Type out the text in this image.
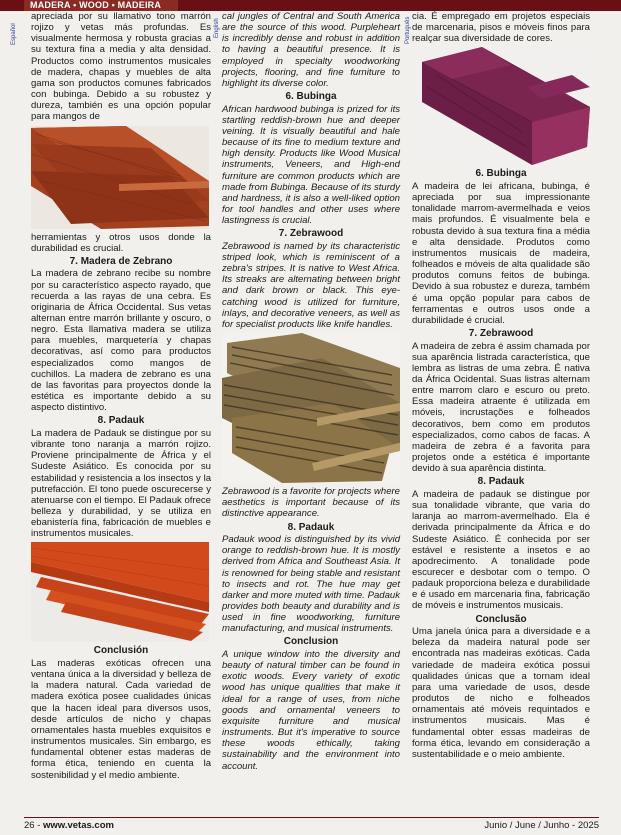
MADERA • WOOD • MADEIRA
Español	English	Português

apreciada por su llamativo tono marrón rojizo y vetas más profundas. Es visualmente hermosa y robusta gracias a su textura fina a media y alta densidad. Productos como instrumentos musicales de madera, chapas y muebles de alta gama son productos comunes fabricados con bubinga. Debido a su robustez y dureza, también es una opción popular para mangos de

herramientas y otros usos donde la durabilidad es crucial.

7. Madera de Zebrano

La madera de zebrano recibe su nombre por su característico aspecto rayado, que recuerda a las rayas de una cebra. Es originaria de África Occidental. Sus vetas alternan entre marrón brillante y oscuro, o negro. Esta llamativa madera se utiliza para muebles, marquetería y chapas decorativas, así como para productos especializados como mangos de cuchillos. La madera de zebrano es una de las favoritas para proyectos donde la estética es importante debido a su aspecto distintivo.

8. Padauk

La madera de Padauk se distingue por su vibrante tono naranja a marrón rojizo. Proviene principalmente de África y el Sudeste Asiático. Es conocida por su estabilidad y resistencia a los insectos y la putrefacción. El tono puede oscurecerse y atenuarse con el tiempo. El Padauk ofrece belleza y durabilidad, y se utiliza en ebanistería fina, fabricación de muebles e instrumentos musicales.

Conclusión

Las maderas exóticas ofrecen una ventana única a la diversidad y belleza de la madera natural. Cada variedad de madera exótica posee cualidades únicas que la hacen ideal para diversos usos, desde artículos de nicho y chapas ornamentales hasta muebles exquisitos e instrumentos musicales. Sin embargo, es fundamental obtener estas maderas de forma ética, teniendo en cuenta la sostenibilidad y el medio ambiente.

cal jungles of Central and South America are the source of this wood. Purpleheart is incredibly dense and robust in addition to having a beautiful presence. It is employed in specialty woodworking projects, flooring, and fine furniture to highlight its diverse color.

6. Bubinga

African hardwood bubinga is prized for its startling reddish-brown hue and deeper veining. It is visually beautiful and hale because of its fine to medium texture and high density. Products like Wood Musical instruments, Veneers, and High-end furniture are common products which are made from Bubinga. Because of its sturdy and hardness, it is also a well-liked option for tool handles and other uses where lastingness is crucial.

7. Zebrawood

Zebrawood is named by its characteristic striped look, which is reminiscent of a zebra's stripes. It is native to West Africa. Its streaks are alternating between bright and dark brown or black. This eye-catching wood is utilized for furniture, inlays, and decorative veneers, as well as for specialist products like knife handles.

Zebrawood is a favorite for projects where aesthetics is important because of its distinctive appearance.

8. Padauk

Padauk wood is distinguished by its vivid orange to reddish-brown hue. It is mostly derived from Africa and Southeast Asia. It is renowned for being stable and resistant to insects and rot. The hue may get darker and more muted with time. Padauk provides both beauty and durability and is used in fine woodworking, furniture manufacturing, and musical instruments.

Conclusion

A unique window into the diversity and beauty of natural timber can be found in exotic woods. Every variety of exotic wood has unique qualities that make it ideal for a range of uses, from niche goods and ornamental veneers to exquisite furniture and musical instruments. But it's imperative to source these woods ethically, taking sustainability and the environment into account.

cia. É empregado em projetos especiais de marcenaria, pisos e móveis finos para realçar sua diversidade de cores.

6. Bubinga

A madeira de lei africana, bubinga, é apreciada por sua impressionante tonalidade marrom-avermelhada e veios mais profundos. É visualmente bela e robusta devido à sua textura fina a média e alta densidade. Produtos como instrumentos musicais de madeira, folheados e móveis de alta qualidade são produtos comuns feitos de bubinga. Devido à sua robustez e dureza, também é uma opção popular para cabos de ferramentas e outros usos onde a durabilidade é crucial.

7. Zebrawood

A madeira de zebra é assim chamada por sua aparência listrada característica, que lembra as listras de uma zebra. É nativa da África Ocidental. Suas listras alternam entre marrom claro e escuro ou preto. Essa madeira atraente é utilizada em móveis, incrustações e folheados decorativos, bem como em produtos especializados, como cabos de facas. A madeira de zebra é a favorita para projetos onde a estética é importante devido à sua aparência distinta.

8. Padauk

A madeira de padauk se distingue por sua tonalidade vibrante, que varia do laranja ao marrom-avermelhado. Ela é derivada principalmente da África e do Sudeste Asiático. É conhecida por ser estável e resistente a insetos e ao apodrecimento. A tonalidade pode escurecer e desbotar com o tempo. O padauk proporciona beleza e durabilidade e é usado em marcenaria fina, fabricação de móveis e instrumentos musicais.

Conclusão

Uma janela única para a diversidade e a beleza da madeira natural pode ser encontrada nas madeiras exóticas. Cada variedade de madeira exótica possui qualidades únicas que a tornam ideal para uma variedade de usos, desde produtos de nicho e folheados ornamentais até móveis requintados e instrumentos musicais. Mas é fundamental obter essas madeiras de forma ética, levando em consideração a sustentabilidade e o meio ambiente.

26 - www.vetas.com	Junio / June / Junho - 2025
